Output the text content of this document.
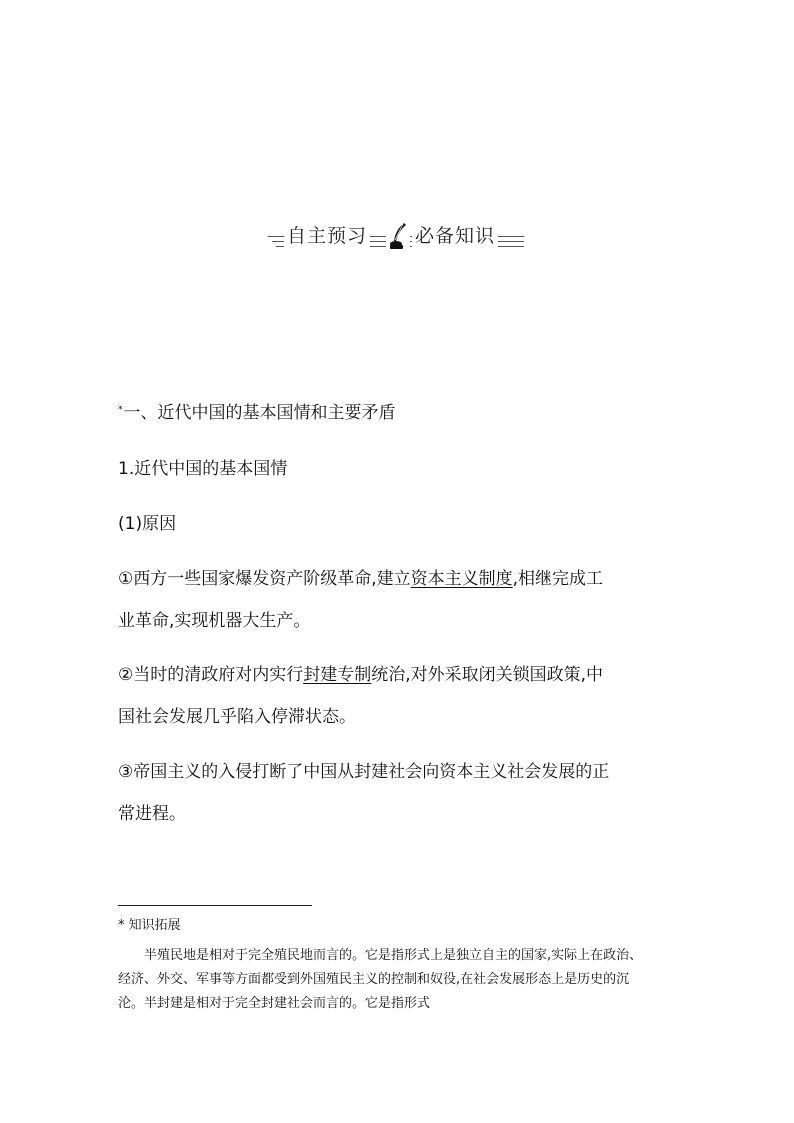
自主预习	必备知识
*一、近代中国的基本国情和主要矛盾
1.近代中国的基本国情
(1)原因
①西方一些国家爆发资产阶级革命,建立资本主义制度,相继完成工
业革命,实现机器大生产。
②当时的清政府对内实行封建专制统治,对外采取闭关锁国政策,中
国社会发展几乎陷入停滞状态。
③帝国主义的入侵打断了中国从封建社会向资本主义社会发展的正
常进程。
* 知识拓展
　　半殖民地是相对于完全殖民地而言的。它是指形式上是独立自主的国家,实际上在政治、
经济、外交、军事等方面都受到外国殖民主义的控制和奴役,在社会发展形态上是历史的沉
沦。半封建是相对于完全封建社会而言的。它是指形式
